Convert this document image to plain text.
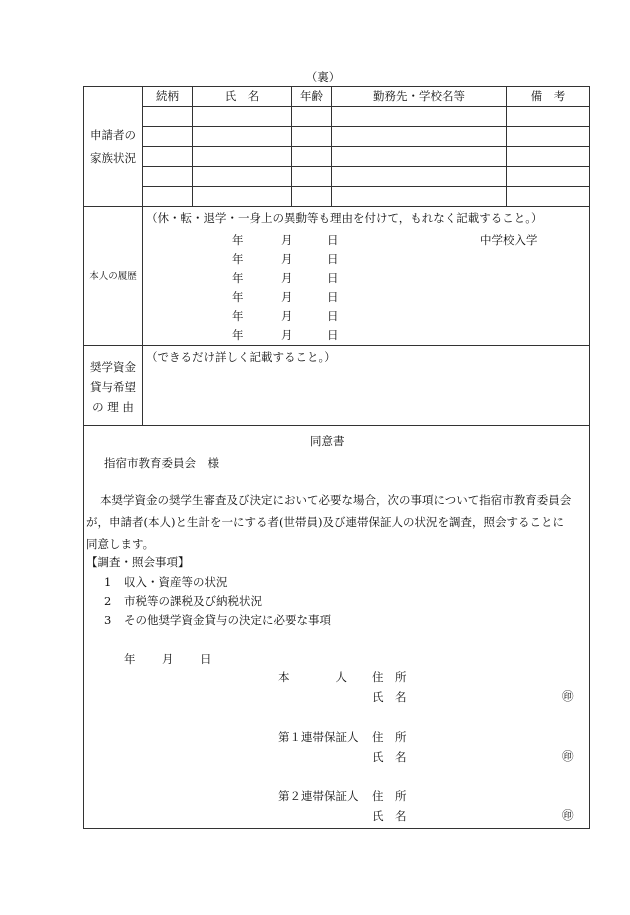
（裏）
申請者の
家族状況
続柄	氏　名	年齢	勤務先・学校名等	備　考
本人の履歴
（休・転・退学・一身上の異動等も理由を付けて，もれなく記載すること。）
年	月	日	中学校入学
年	月	日
年	月	日
年	月	日
年	月	日
年	月	日
奨学資金
貸与希望
の 理 由
（できるだけ詳しく記載すること。）
同意書
指宿市教育委員会　様
本奨学資金の奨学生審査及び決定において必要な場合，次の事項について指宿市教育委員会
が，申請者(本人)と生計を一にする者(世帯員)及び連帯保証人の状況を調査，照会することに
同意します。
【調査・照会事項】
1 収入・資産等の状況
2 市税等の課税及び納税状況
3 その他奨学資金貸与の決定に必要な事項
年 月 日
本　　　　人 住　所
氏　名	㊞
第１連帯保証人 住　所
氏　名	㊞
第２連帯保証人 住　所
氏　名	㊞
